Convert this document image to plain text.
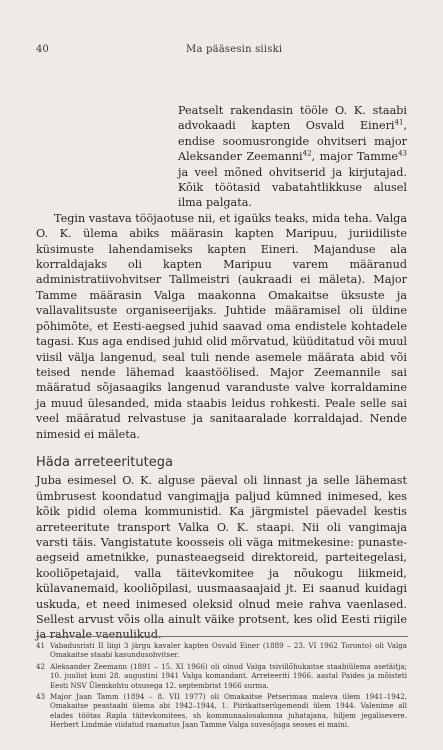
40	Ma pääsesin siiski

Peatselt rakendasin tööle O. K. staabi advokaadi kapten Osvald Eineri$^{41}$, endise soomusrongide ohvitseri major Aleksander Zeemanni$^{42}$, major Tamme$^{43}$ ja veel mõned ohvitserid ja kirjutajad. Kõik töötasid vabatahtlikkuse alusel ilma palgata.

Tegin vastava tööjaotuse nii, et igaüks teaks, mida teha. Valga O. K. ülema abiks määrasin kapten Maripuu, juriidiliste küsimuste lahendamiseks kapten Eineri. Majanduse ala korraldajaks oli kapten Maripuu varem määranud administratiivohvitser Tallmeistri (aukraadi ei mäleta). Major Tamme määrasin Valga maakonna Omakaitse üksuste ja vallavalitsuste organiseerijaks. Juhtide määramisel oli üldine põhimõte, et Eesti-aegsed juhid saavad oma endistele kohtadele tagasi. Kus aga endised juhid olid mõrvatud, küüditatud või muul viisil välja langenud, seal tuli nende asemele määrata abid või teised nende lähemad kaastöölised. Major Zeemannile sai määratud sõjasaagiks langenud varanduste valve korraldamine ja muud ülesanded, mida staabis leidus rohkesti. Peale selle sai veel määratud relvastuse ja sanitaaralade korraldajad. Nende nimesid ei mäleta.

Häda arreteeritutega

Juba esimesel O. K. alguse päeval oli linnast ja selle lähemast ümbrusest koondatud vangimajja paljud kümned inimesed, kes kõik pidid olema kommunistid. Ka järgmistel päevadel kestis arreteeritute transport Valka O. K. staapi. Nii oli vangimaja varsti täis. Vangistatute koosseis oli väga mitmekesine: punaste-aegseid ametnikke, punasteaegseid direktoreid, parteitegelasi, kooliõpetajaid, valla täitevkomitee ja nõukogu liikmeid, külavanemaid, kooliõpilasi, uusmaasaajaid jt. Ei saanud kuidagi uskuda, et need inimesed oleksid olnud meie rahva vaenlased. Sellest arvust võis olla ainult väike protsent, kes olid Eesti riigile ja rahvale vaenulikud.

41 Vabadusristi II liigi 3 järgu kavaler kapten Osvald Einer (1889 – 23. VI 1962 Toronto) oli Valga Omakaitse staabi kasundusohvitser.
42 Aleksander Zeemann (1891 – 15. XI 1966) oli olnud Valga tsiviilõhukaitse staabiülema asetäitja; 10. juulist kuni 28. augustini 1941 Valga komandant. Arreteeriti 1966. aastal Paides ja mõisteti Eesti NSV Ülemkohtu otsusega 12. septembrist 1966 surma.
43 Major Jaan Tamm (1894 – 8. VII 1977) oli Omakaitse Petserimaa maleva ülem 1941–1942, Omakaitse peastaabi ülema abi 1942–1944, 1. Piirikaitserügemendi ülem 1944. Valenime all elades töötas Rapla täitevkomitees, sh kommunaalosakonna juhatajana, hiljem jegalisevere. Herbert Lindmäe viidatud raamatus Jaan Tamme Valga suvesõjaga seoses ei maini.
